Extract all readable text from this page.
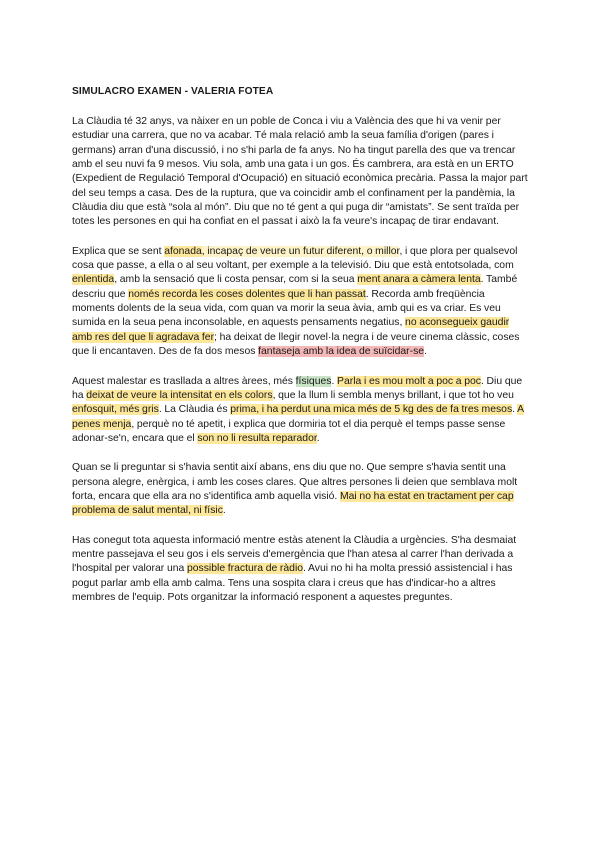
SIMULACRO EXAMEN - VALERIA FOTEA

La Clàudia té 32 anys, va nàixer en un poble de Conca i viu a València des que hi va venir per estudiar una carrera, que no va acabar. Té mala relació amb la seua família d'origen (pares i germans) arran d'una discussió, i no s'hi parla de fa anys. No ha tingut parella des que va trencar amb el seu nuvi fa 9 mesos. Viu sola, amb una gata i un gos. És cambrera, ara està en un ERTO (Expedient de Regulació Temporal d'Ocupació) en situació econòmica precària. Passa la major part del seu temps a casa. Des de la ruptura, que va coincidir amb el confinament per la pandèmia, la Clàudia diu que està “sola al món”. Diu que no té gent a qui puga dir “amistats”. Se sent traïda per totes les persones en qui ha confiat en el passat i això la fa veure's incapaç de tirar endavant.

Explica que se sent afonada, incapaç de veure un futur diferent, o millor, i que plora per qualsevol cosa que passe, a ella o al seu voltant, per exemple a la televisió. Diu que està entotsolada, com enlentida, amb la sensació que li costa pensar, com si la seua ment anara a càmera lenta. També descriu que només recorda les coses dolentes que li han passat. Recorda amb freqüència moments dolents de la seua vida, com quan va morir la seua àvia, amb qui es va criar. Es veu sumida en la seua pena inconsolable, en aquests pensaments negatius, no aconsegueix gaudir amb res del que li agradava fer; ha deixat de llegir novel·la negra i de veure cinema clàssic, coses que li encantaven. Des de fa dos mesos fantaseja amb la idea de suïcidar-se.

Aquest malestar es trasllada a altres àrees, més físiques. Parla i es mou molt a poc a poc. Diu que ha deixat de veure la intensitat en els colors, que la llum li sembla menys brillant, i que tot ho veu enfosquit, més gris. La Clàudia és prima, i ha perdut una mica més de 5 kg des de fa tres mesos. A penes menja, perquè no té apetit, i explica que dormiria tot el dia perquè el temps passe sense adonar-se'n, encara que el son no li resulta reparador.

Quan se li preguntar si s'havia sentit així abans, ens diu que no. Que sempre s'havia sentit una persona alegre, enèrgica, i amb les coses clares. Que altres persones li deien que semblava molt forta, encara que ella ara no s'identifica amb aquella visió. Mai no ha estat en tractament per cap problema de salut mental, ni físic.

Has conegut tota aquesta informació mentre estàs atenent la Clàudia a urgències. S'ha desmaiat mentre passejava el seu gos i els serveis d'emergència que l'han atesa al carrer l'han derivada a l'hospital per valorar una possible fractura de ràdio. Avui no hi ha molta pressió assistencial i has pogut parlar amb ella amb calma. Tens una sospita clara i creus que has d'indicar-ho a altres membres de l'equip. Pots organitzar la informació responent a aquestes preguntes.
